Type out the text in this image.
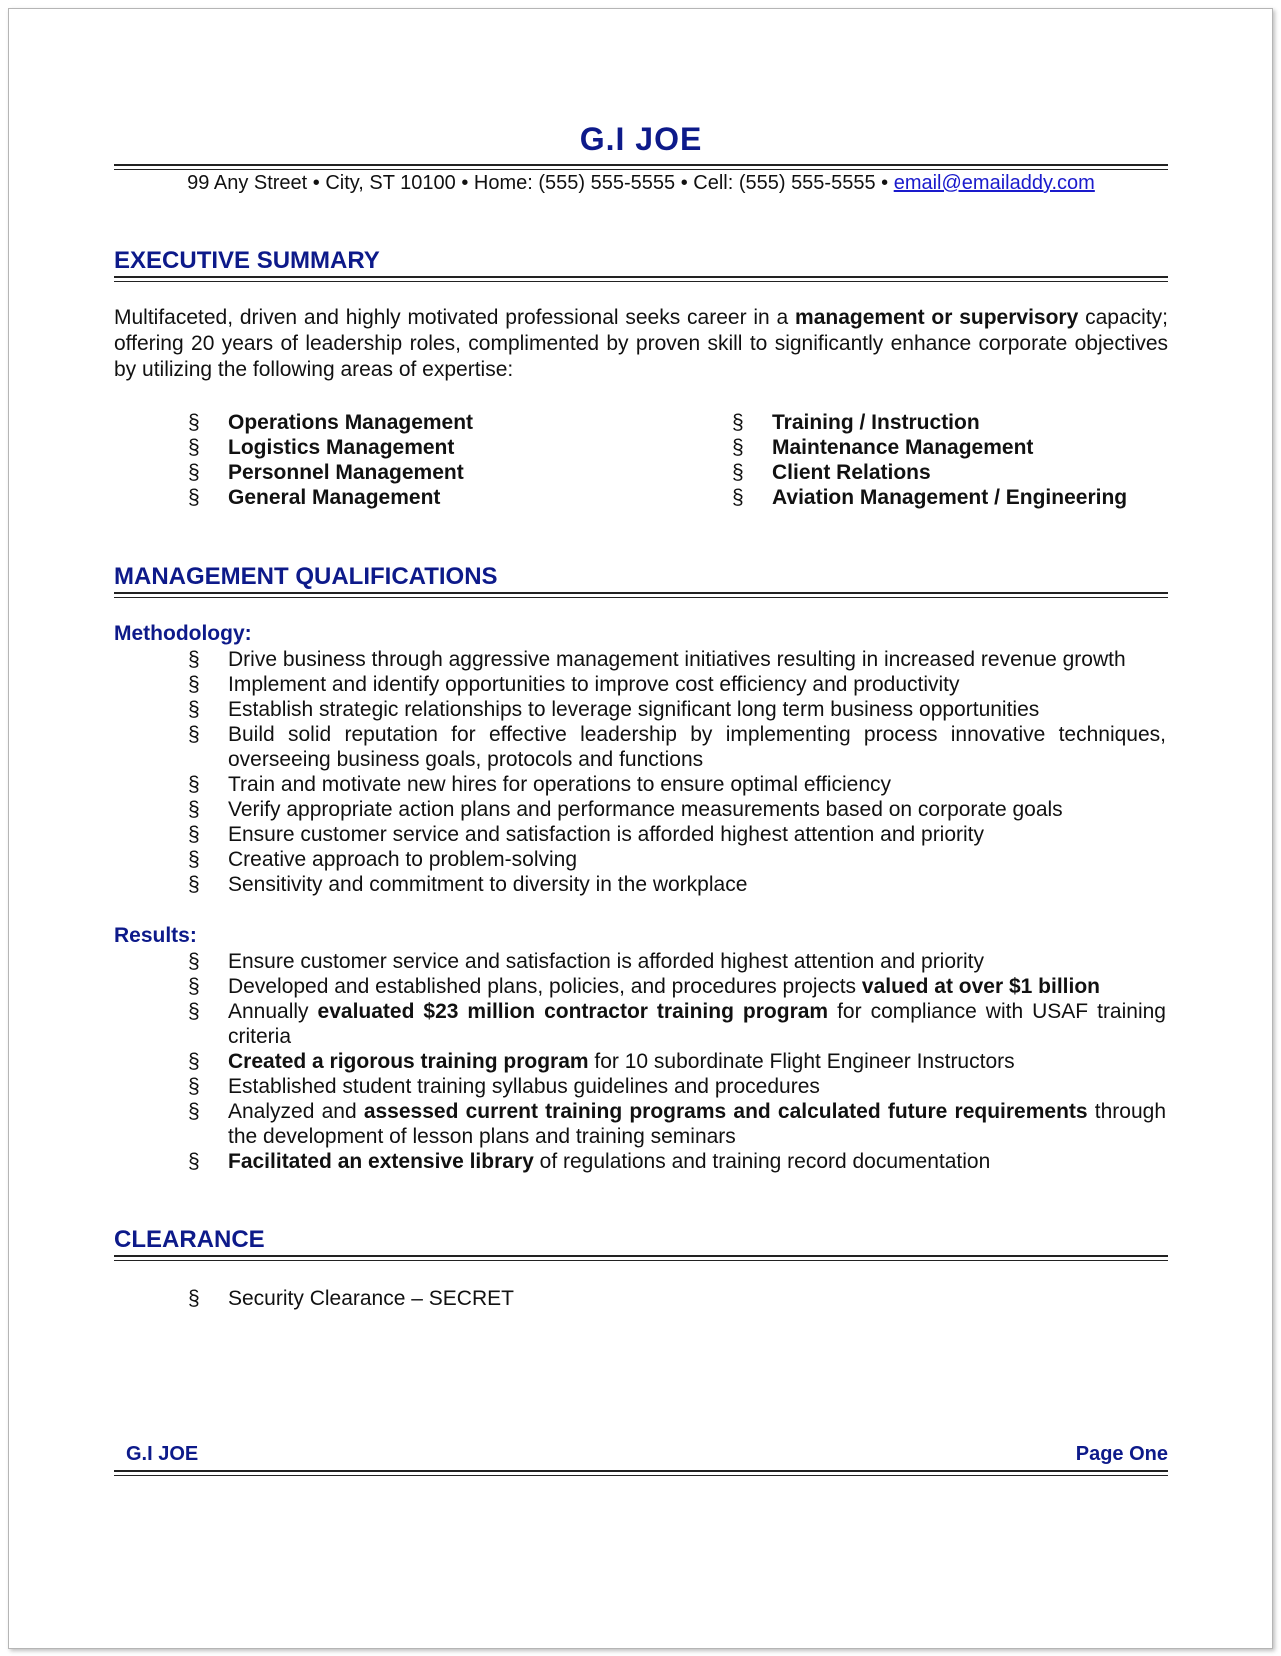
G.I JOE
99 Any Street • City, ST 10100 • Home: (555) 555-5555 • Cell: (555) 555-5555 • email@emailaddy.com
EXECUTIVE SUMMARY
Multifaceted, driven and highly motivated professional seeks career in a management or supervisory capacity; offering 20 years of leadership roles, complimented by proven skill to significantly enhance corporate objectives by utilizing the following areas of expertise:
§ Operations Management
§ Logistics Management
§ Personnel Management
§ General Management
§ Training / Instruction
§ Maintenance Management
§ Client Relations
§ Aviation Management / Engineering
MANAGEMENT QUALIFICATIONS
Methodology:
§ Drive business through aggressive management initiatives resulting in increased revenue growth
§ Implement and identify opportunities to improve cost efficiency and productivity
§ Establish strategic relationships to leverage significant long term business opportunities
§ Build solid reputation for effective leadership by implementing process innovative techniques, overseeing business goals, protocols and functions
§ Train and motivate new hires for operations to ensure optimal efficiency
§ Verify appropriate action plans and performance measurements based on corporate goals
§ Ensure customer service and satisfaction is afforded highest attention and priority
§ Creative approach to problem-solving
§ Sensitivity and commitment to diversity in the workplace
Results:
§ Ensure customer service and satisfaction is afforded highest attention and priority
§ Developed and established plans, policies, and procedures projects valued at over $1 billion
§ Annually evaluated $23 million contractor training program for compliance with USAF training criteria
§ Created a rigorous training program for 10 subordinate Flight Engineer Instructors
§ Established student training syllabus guidelines and procedures
§ Analyzed and assessed current training programs and calculated future requirements through the development of lesson plans and training seminars
§ Facilitated an extensive library of regulations and training record documentation
CLEARANCE
§ Security Clearance – SECRET
G.I JOE	Page One
